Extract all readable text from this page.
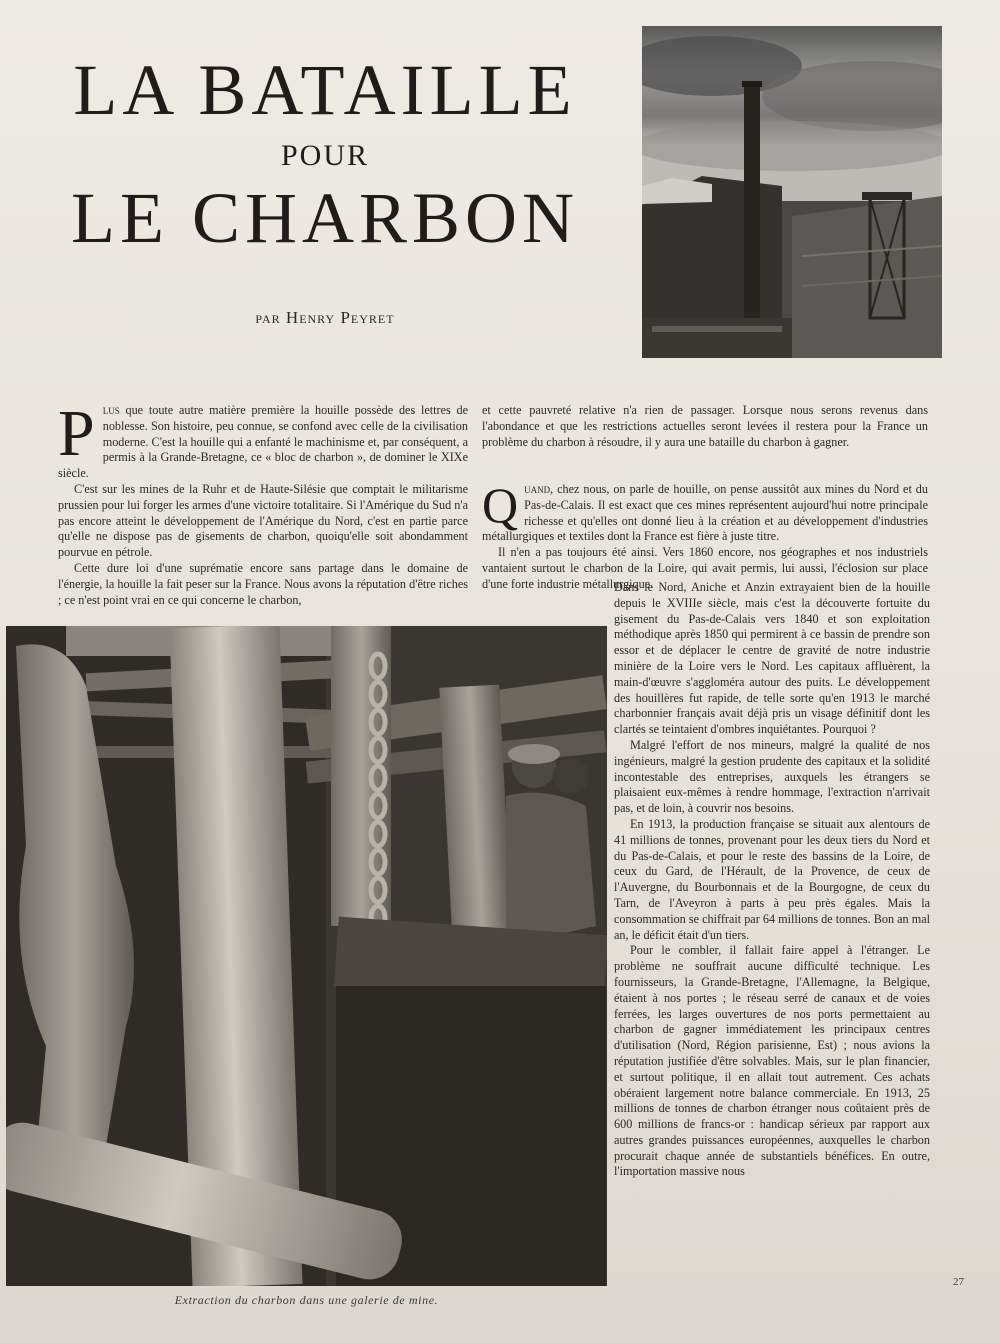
LA BATAILLE
POUR
LE CHARBON
par Henry Peyret

Plus que toute autre matière première la houille possède des lettres de noblesse. Son histoire, peu connue, se confond avec celle de la civilisation moderne. C'est la houille qui a enfanté le machinisme et, par conséquent, a permis à la Grande-Bretagne, ce « bloc de charbon », de dominer le XIXe siècle.

C'est sur les mines de la Ruhr et de Haute-Silésie que comptait le militarisme prussien pour lui forger les armes d'une victoire totalitaire. Si l'Amérique du Sud n'a pas encore atteint le développement de l'Amérique du Nord, c'est en partie parce qu'elle ne dispose pas de gisements de charbon, quoiqu'elle soit abondamment pourvue en pétrole.

Cette dure loi d'une suprématie encore sans partage dans le domaine de l'énergie, la houille la fait peser sur la France. Nous avons la réputation d'être riches ; ce n'est point vrai en ce qui concerne le charbon,

et cette pauvreté relative n'a rien de passager. Lorsque nous serons revenus dans l'abondance et que les restrictions actuelles seront levées il restera pour la France un problème du charbon à résoudre, il y aura une bataille du charbon à gagner.

Quand, chez nous, on parle de houille, on pense aussitôt aux mines du Nord et du Pas-de-Calais. Il est exact que ces mines représentent aujourd'hui notre principale richesse et qu'elles ont donné lieu à la création et au développement d'industries métallurgiques et textiles dont la France est fière à juste titre.

Il n'en a pas toujours été ainsi. Vers 1860 encore, nos géographes et nos industriels vantaient surtout le charbon de la Loire, qui avait permis, lui aussi, l'éclosion sur place d'une forte industrie métallurgique.

Dans le Nord, Aniche et Anzin extrayaient bien de la houille depuis le XVIIIe siècle, mais c'est la découverte fortuite du gisement du Pas-de-Calais vers 1840 et son exploitation méthodique après 1850 qui permirent à ce bassin de prendre son essor et de déplacer le centre de gravité de notre industrie minière de la Loire vers le Nord. Les capitaux affluèrent, la main-d'œuvre s'aggloméra autour des puits. Le développement des houillères fut rapide, de telle sorte qu'en 1913 le marché charbonnier français avait déjà pris un visage définitif dont les clartés se teintaient d'ombres inquiétantes. Pourquoi ?

Malgré l'effort de nos mineurs, malgré la qualité de nos ingénieurs, malgré la gestion prudente des capitaux et la solidité incontestable des entreprises, auxquels les étrangers se plaisaient eux-mêmes à rendre hommage, l'extraction n'arrivait pas, et de loin, à couvrir nos besoins.

En 1913, la production française se situait aux alentours de 41 millions de tonnes, provenant pour les deux tiers du Nord et du Pas-de-Calais, et pour le reste des bassins de la Loire, de ceux du Gard, de l'Hérault, de la Provence, de ceux de l'Auvergne, du Bourbonnais et de la Bourgogne, de ceux du Tarn, de l'Aveyron à parts à peu près égales. Mais la consommation se chiffrait par 64 millions de tonnes. Bon an mal an, le déficit était d'un tiers.

Pour le combler, il fallait faire appel à l'étranger. Le problème ne souffrait aucune difficulté technique. Les fournisseurs, la Grande-Bretagne, l'Allemagne, la Belgique, étaient à nos portes ; le réseau serré de canaux et de voies ferrées, les larges ouvertures de nos ports permettaient au charbon de gagner immédiatement les principaux centres d'utilisation (Nord, Région parisienne, Est) ; nous avions la réputation justifiée d'être solvables. Mais, sur le plan financier, et surtout politique, il en allait tout autrement. Ces achats obéraient largement notre balance commerciale. En 1913, 25 millions de tonnes de charbon étranger nous coûtaient près de 600 millions de francs-or : handicap sérieux par rapport aux autres grandes puissances européennes, auxquelles le charbon procurait chaque année de substantiels bénéfices. En outre, l'importation massive nous

Extraction du charbon dans une galerie de mine.
27
